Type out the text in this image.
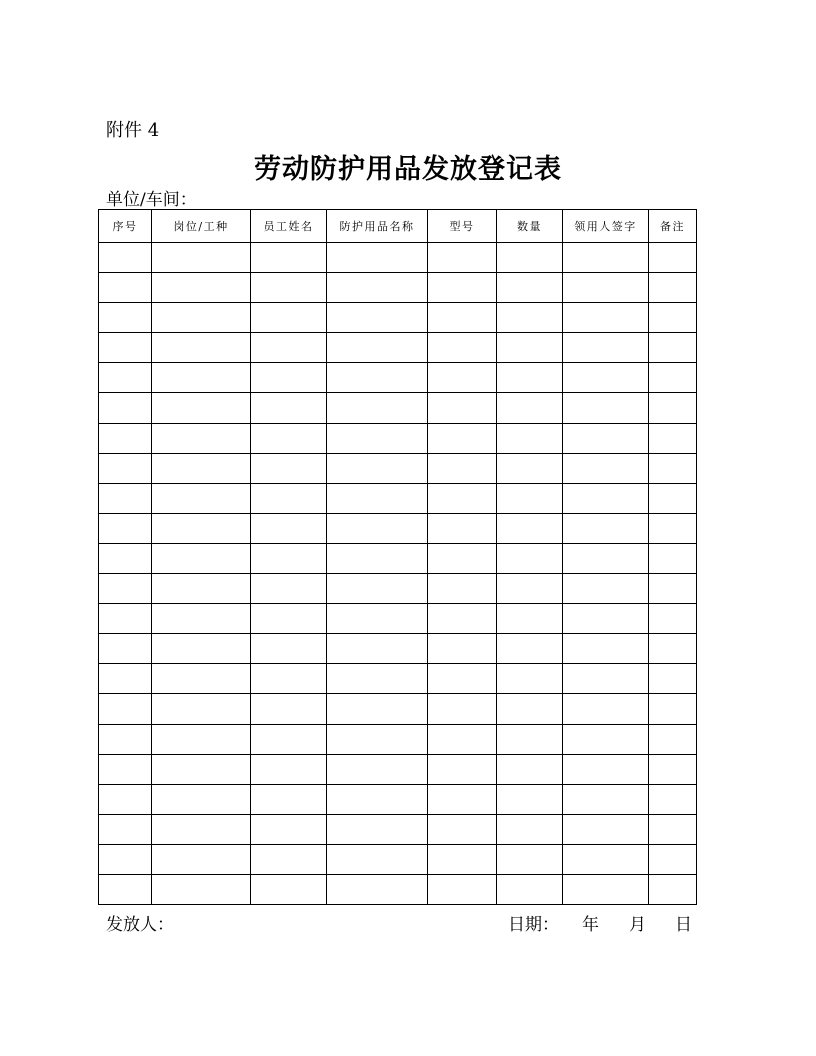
附件 4
劳动防护用品发放登记表
单位/车间：
序号	岗位/工种	员工姓名	防护用品名称	型号	数量	领用人签字	备注

发放人：	日期：	年	月	日
